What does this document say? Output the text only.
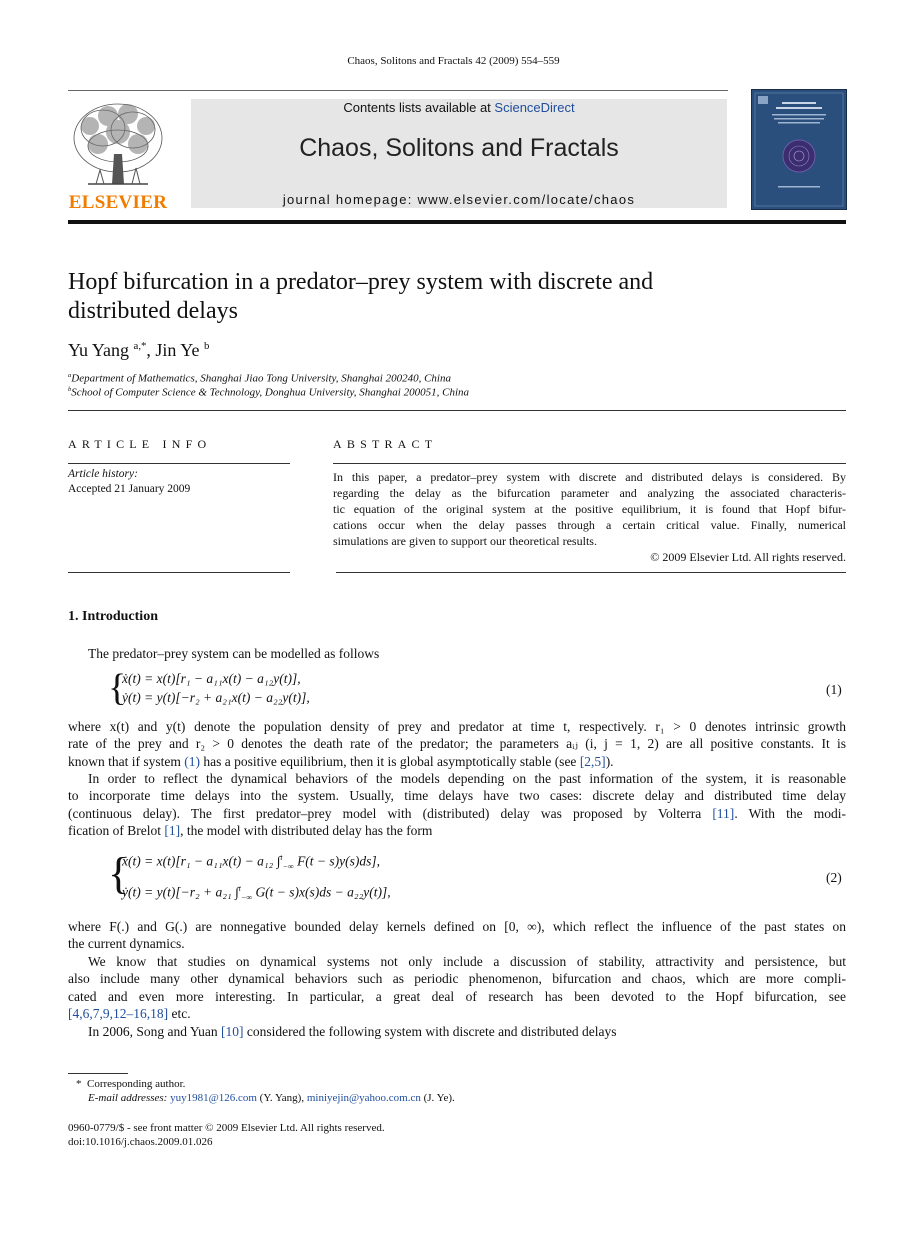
Chaos, Solitons and Fractals 42 (2009) 554–559
ELSEVIER
Contents lists available at ScienceDirect
Chaos, Solitons and Fractals
journal homepage: www.elsevier.com/locate/chaos
Hopf bifurcation in a predator–prey system with discrete and
distributed delays
Yu Yang $^{a,*}$, Jin Ye $^b$
$^a$Department of Mathematics, Shanghai Jiao Tong University, Shanghai 200240, China
$^b$School of Computer Science & Technology, Donghua University, Shanghai 200051, China
ARTICLE INFO
Article history:
Accepted 21 January 2009
ABSTRACT
In this paper, a predator–prey system with discrete and distributed delays is considered. By
regarding the delay as the bifurcation parameter and analyzing the associated characteris-
tic equation of the original system at the positive equilibrium, it is found that Hopf bifur-
cations occur when the delay passes through a certain critical value. Finally, numerical
simulations are given to support our theoretical results.
© 2009 Elsevier Ltd. All rights reserved.
1. Introduction
The predator–prey system can be modelled as follows
{
ẋ(t) = x(t)[r₁ − a₁₁x(t) − a₁₂y(t)],
ẏ(t) = y(t)[−r₂ + a₂₁x(t) − a₂₂y(t)],
(1)
where x(t) and y(t) denote the population density of prey and predator at time t, respectively. r₁ > 0 denotes intrinsic growth
rate of the prey and r₂ > 0 denotes the death rate of the predator; the parameters aᵢⱼ (i, j = 1, 2) are all positive constants. It is
known that if system (1) has a positive equilibrium, then it is global asymptotically stable (see [2,5]).
In order to reflect the dynamical behaviors of the models depending on the past information of the system, it is reasonable
to incorporate time delays into the system. Usually, time delays have two cases: discrete delay and distributed time delay
(continuous delay). The first predator–prey model with (distributed) delay was proposed by Volterra [11]. With the modi-
fication of Brelot [1], the model with distributed delay has the form
{
ẋ(t) = x(t)[r₁ − a₁₁x(t) − a₁₂ ∫$^t_{-\infty}$ F(t − s)y(s)ds],
ẏ(t) = y(t)[−r₂ + a₂₁ ∫$^t_{-\infty}$ G(t − s)x(s)ds − a₂₂y(t)],
(2)
where F(.) and G(.) are nonnegative bounded delay kernels defined on [0, ∞), which reflect the influence of the past states on
the current dynamics.
We know that studies on dynamical systems not only include a discussion of stability, attractivity and persistence, but
also include many other dynamical behaviors such as periodic phenomenon, bifurcation and chaos, which are more compli-
cated and even more interesting. In particular, a great deal of research has been devoted to the Hopf bifurcation, see
[4,6,7,9,12–16,18] etc.
In 2006, Song and Yuan [10] considered the following system with discrete and distributed delays
* Corresponding author.
E-mail addresses: yuy1981@126.com (Y. Yang), miniyejin@yahoo.com.cn (J. Ye).
0960-0779/$ - see front matter © 2009 Elsevier Ltd. All rights reserved.
doi:10.1016/j.chaos.2009.01.026
